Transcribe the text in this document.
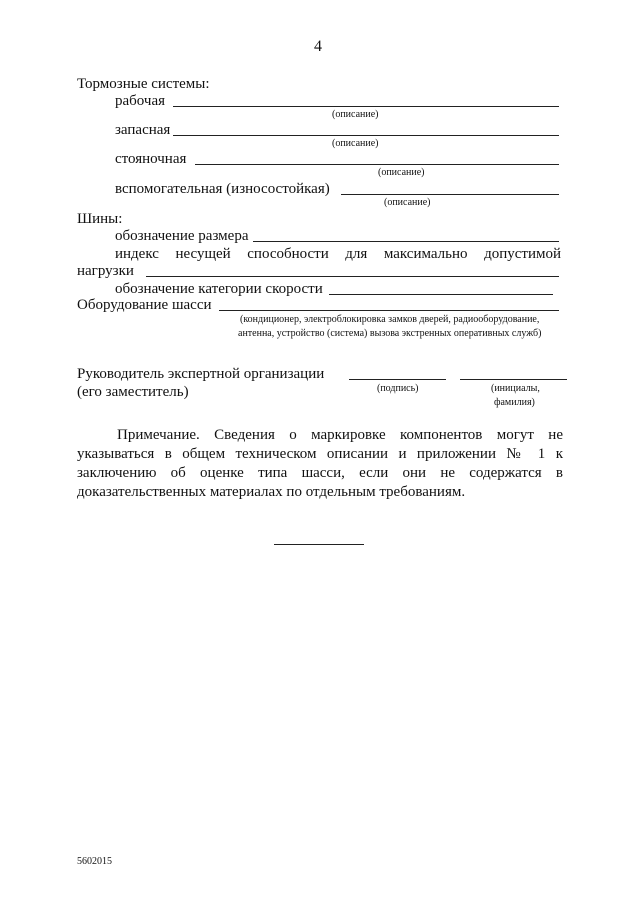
4
Тормозные системы:
рабочая
(описание)
запасная
(описание)
стояночная
(описание)
вспомогательная (износостойкая)
(описание)
Шины:
обозначение размера
индекс несущей способности для максимально допустимой
нагрузки
обозначение категории скорости
Оборудование шасси
(кондиционер, электроблокировка замков дверей, радиооборудование,
антенна, устройство (система) вызова экстренных оперативных служб)
Руководитель экспертной организации
(его заместитель)	(подпись)	(инициалы,
фамилия)
Примечание. Сведения о маркировке компонентов могут не
указываться в общем техническом описании и приложении № 1 к
заключению об оценке типа шасси, если они не содержатся в
доказательственных материалах по отдельным требованиям.
5602015
